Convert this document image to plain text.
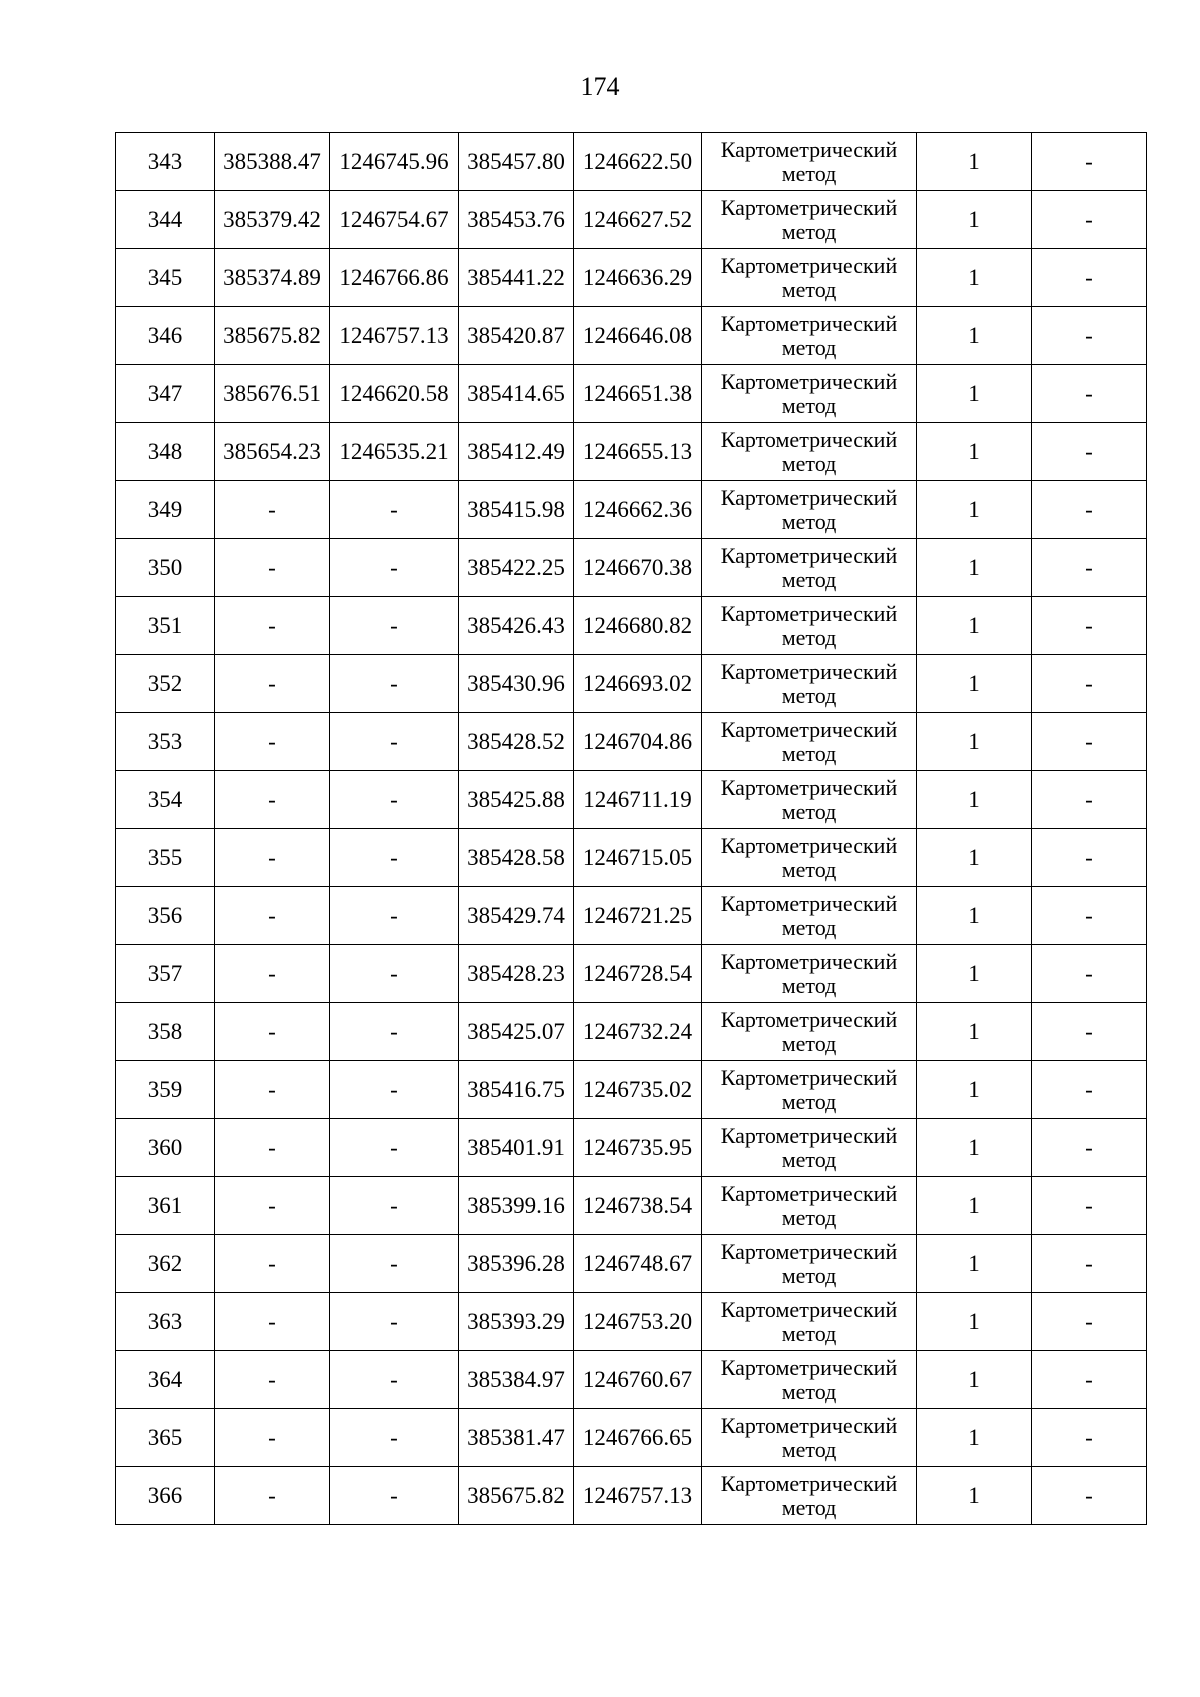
174
343	385388.47	1246745.96	385457.80	1246622.50	Картометрический
метод	1	-
344	385379.42	1246754.67	385453.76	1246627.52	Картометрический
метод	1	-
345	385374.89	1246766.86	385441.22	1246636.29	Картометрический
метод	1	-
346	385675.82	1246757.13	385420.87	1246646.08	Картометрический
метод	1	-
347	385676.51	1246620.58	385414.65	1246651.38	Картометрический
метод	1	-
348	385654.23	1246535.21	385412.49	1246655.13	Картометрический
метод	1	-
349	-	-	385415.98	1246662.36	Картометрический
метод	1	-
350	-	-	385422.25	1246670.38	Картометрический
метод	1	-
351	-	-	385426.43	1246680.82	Картометрический
метод	1	-
352	-	-	385430.96	1246693.02	Картометрический
метод	1	-
353	-	-	385428.52	1246704.86	Картометрический
метод	1	-
354	-	-	385425.88	1246711.19	Картометрический
метод	1	-
355	-	-	385428.58	1246715.05	Картометрический
метод	1	-
356	-	-	385429.74	1246721.25	Картометрический
метод	1	-
357	-	-	385428.23	1246728.54	Картометрический
метод	1	-
358	-	-	385425.07	1246732.24	Картометрический
метод	1	-
359	-	-	385416.75	1246735.02	Картометрический
метод	1	-
360	-	-	385401.91	1246735.95	Картометрический
метод	1	-
361	-	-	385399.16	1246738.54	Картометрический
метод	1	-
362	-	-	385396.28	1246748.67	Картометрический
метод	1	-
363	-	-	385393.29	1246753.20	Картометрический
метод	1	-
364	-	-	385384.97	1246760.67	Картометрический
метод	1	-
365	-	-	385381.47	1246766.65	Картометрический
метод	1	-
366	-	-	385675.82	1246757.13	Картометрический
метод	1	-
